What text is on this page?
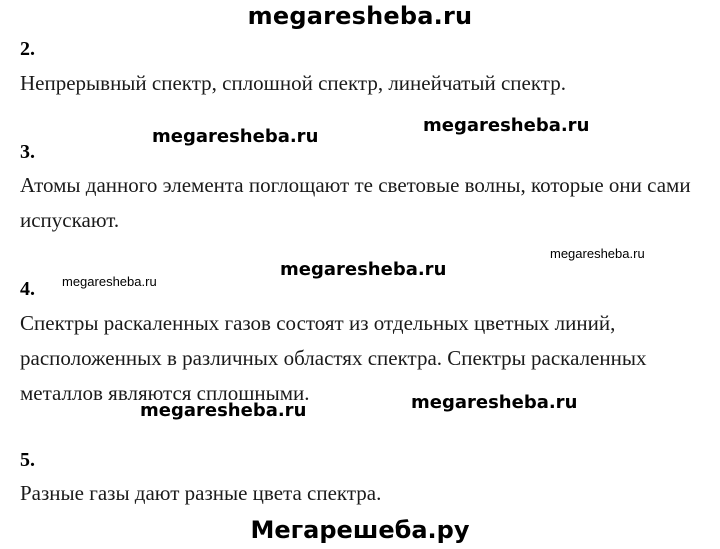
megaresheba.ru
2.
Непрерывный спектр, сплошной спектр, линейчатый спектр.
megaresheba.ru
megaresheba.ru
3.
Атомы данного элемента поглощают те световые волны, которые они сами испускают.
megaresheba.ru
megaresheba.ru
megaresheba.ru
4.
Спектры раскаленных газов состоят из отдельных цветных линий, расположенных в различных областях спектра. Спектры раскаленных металлов являются сплошными.
megaresheba.ru	megaresheba.ru
5.
Разные газы дают разные цвета спектра.
Мегарешеба.ру
